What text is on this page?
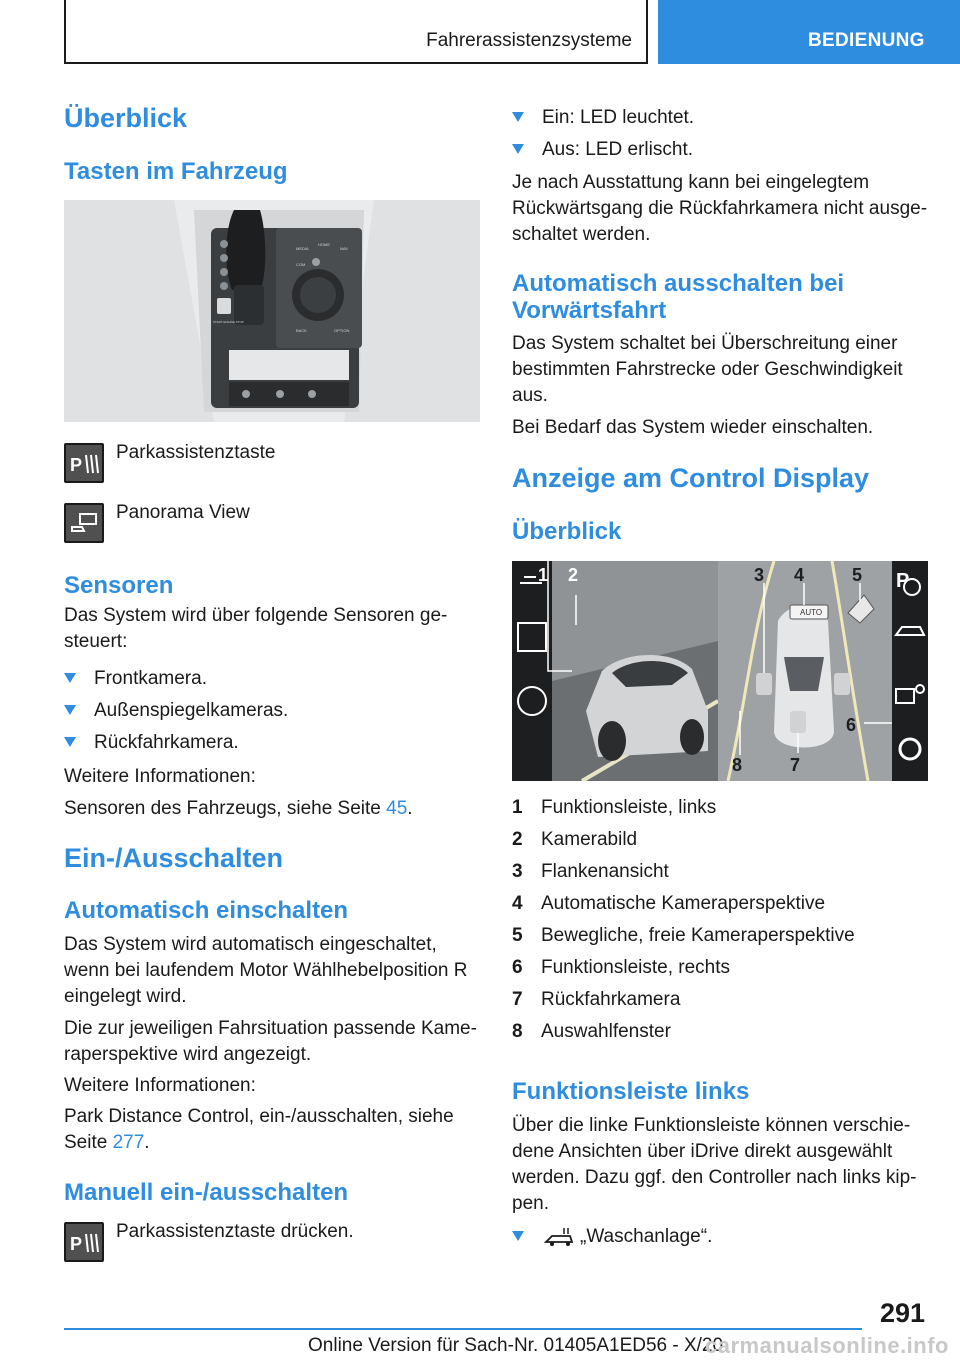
Fahrerassistenzsysteme	BEDIENUNG
Überblick
Tasten im Fahrzeug
MEDIA
HOME
NAV
COM
BACK	OPTION
START ENGINE STOP
P
Parkassistenztaste
Panorama View
Sensoren
Das System wird über folgende Sensoren ge-
steuert:
Frontkamera.
Außenspiegelkameras.
Rückfahrkamera.
Weitere Informationen:
Sensoren des Fahrzeugs, siehe Seite 45.
Ein-/Ausschalten
Automatisch einschalten
Das System wird automatisch eingeschaltet,
wenn bei laufendem Motor Wählhebelposition R
eingelegt wird.
Die zur jeweiligen Fahrsituation passende Kame-
raperspektive wird angezeigt.
Weitere Informationen:
Park Distance Control, ein-/ausschalten, siehe
Seite 277.
Manuell ein-/ausschalten
P
Parkassistenztaste drücken.
Ein: LED leuchtet.
Aus: LED erlischt.
Je nach Ausstattung kann bei eingelegtem
Rückwärtsgang die Rückfahrkamera nicht ausge-
schaltet werden.
Automatisch ausschalten bei
Vorwärtsfahrt
Das System schaltet bei Überschreitung einer
bestimmten Fahrstrecke oder Geschwindigkeit
aus.
Bei Bedarf das System wieder einschalten.
Anzeige am Control Display
Überblick
AUTO
P
1 2	3 4	5
6
7
8
1 Funktionsleiste, links
2 Kamerabild
3 Flankenansicht
4 Automatische Kameraperspektive
5 Bewegliche, freie Kameraperspektive
6 Funktionsleiste, rechts
7 Rückfahrkamera
8 Auswahlfenster
Funktionsleiste links
Über die linke Funktionsleiste können verschie-
dene Ansichten über iDrive direkt ausgewählt
werden. Dazu ggf. den Controller nach links kip-
pen.
„Waschanlage“.
291
Online Version für Sach-Nr. 01405A1ED56 - X/20
carmanualsonline.info
